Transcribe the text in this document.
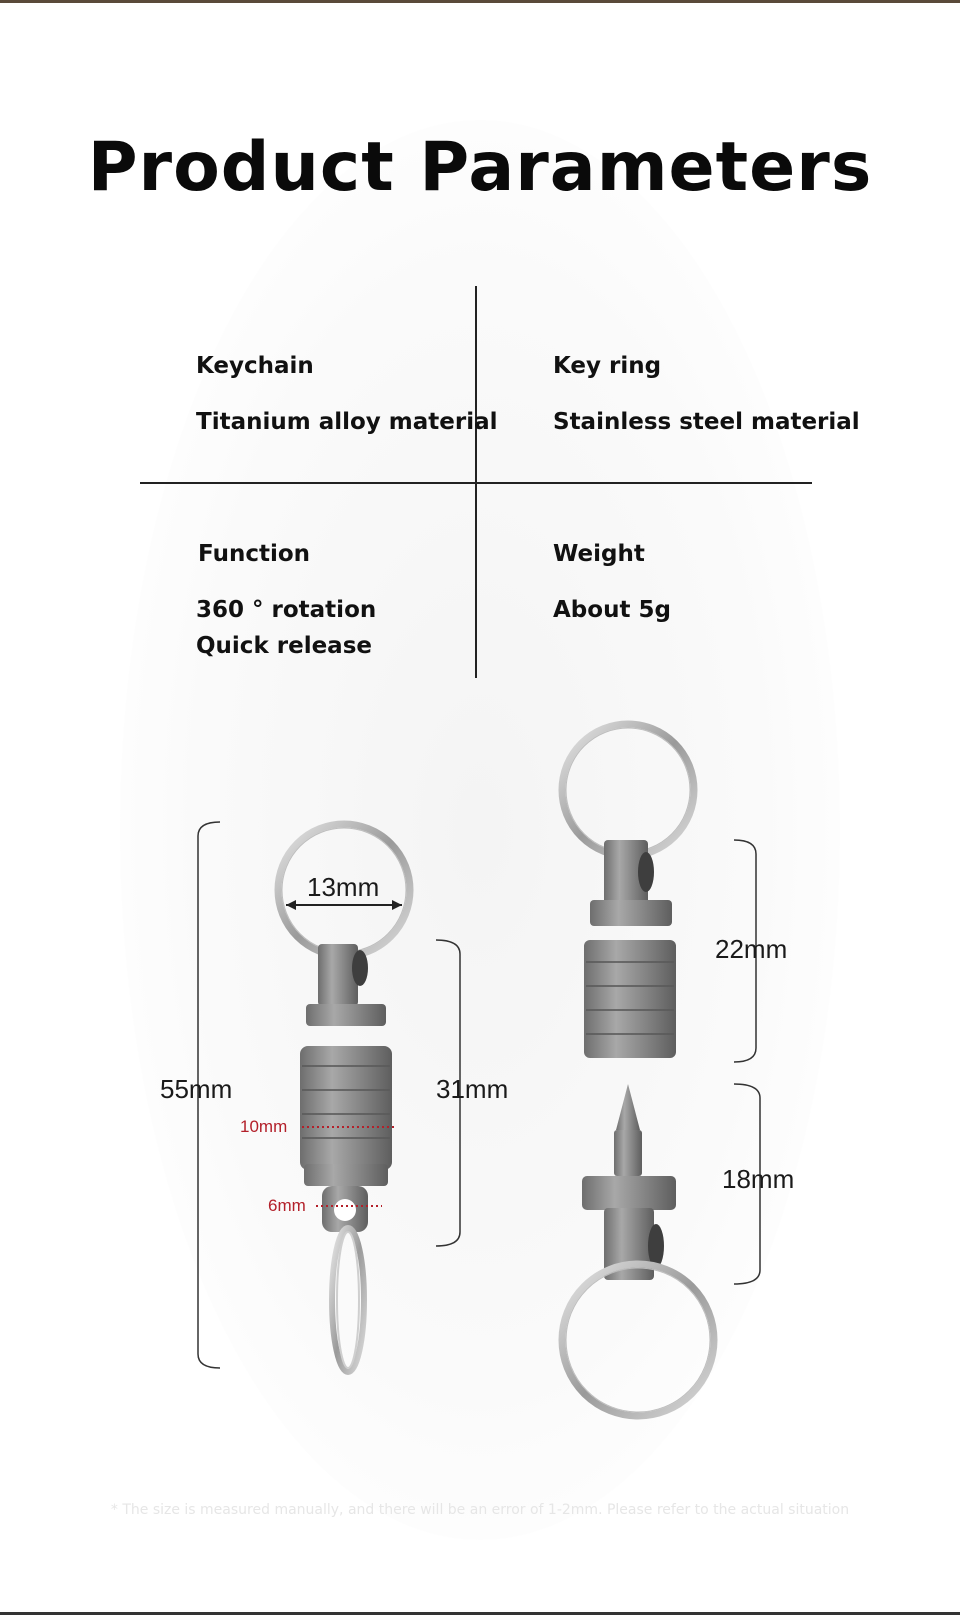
Product Parameters
Keychain
Titanium alloy material
Key ring
Stainless steel material
Function
360 ° rotation
Quick release
Weight
About 5g
13mm
55mm	31mm
10mm
6mm
22mm
18mm
* The size is measured manually, and there will be an error of 1-2mm. Please refer to the actual situation
